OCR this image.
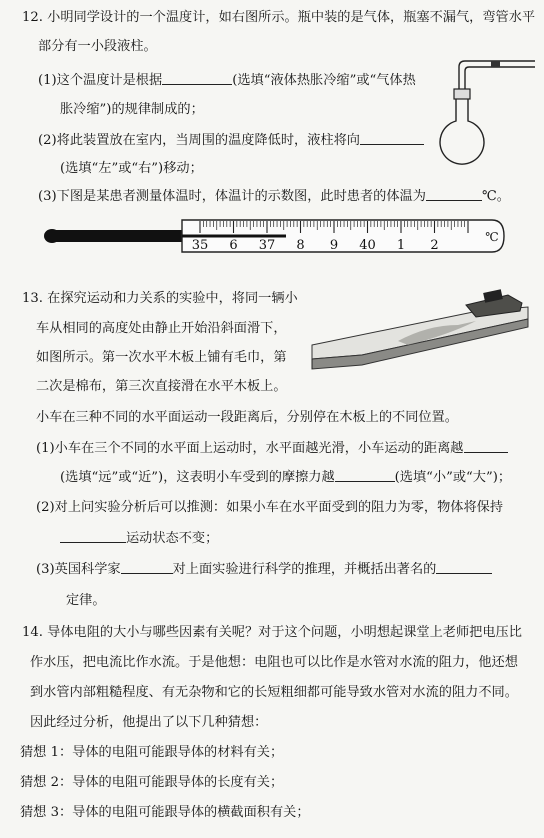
12. 小明同学设计的一个温度计，如右图所示。瓶中装的是气体，瓶塞不漏气，弯管水平
部分有一小段液柱。
(1)这个温度计是根据	(选填“液体热胀冷缩”或“气体热
胀冷缩”)的规律制成的；
(2)将此装置放在室内，当周围的温度降低时，液柱将向
(选填“左”或“右”)移动；
(3)下图是某患者测量体温时，体温计的示数图，此时患者的体温为	℃。
35 6 37 8 9 40 1 2
℃
13. 在探究运动和力关系的实验中，将同一辆小
车从相同的高度处由静止开始沿斜面滑下，
如图所示。第一次水平木板上铺有毛巾，第
二次是棉布，第三次直接滑在水平木板上。
小车在三种不同的水平面运动一段距离后，分别停在木板上的不同位置。
(1)小车在三个不同的水平面上运动时，水平面越光滑，小车运动的距离越
(选填“远”或“近”)，这表明小车受到的摩擦力越	(选填“小”或“大”)；
(2)对上问实验分析后可以推测：如果小车在水平面受到的阻力为零，物体将保持
运动状态不变；
(3)英国科学家	对上面实验进行科学的推理，并概括出著名的
定律。
14. 导体电阻的大小与哪些因素有关呢？对于这个问题，小明想起课堂上老师把电压比
作水压，把电流比作水流。于是他想：电阻也可以比作是水管对水流的阻力，他还想
到水管内部粗糙程度、有无杂物和它的长短粗细都可能导致水管对水流的阻力不同。
因此经过分析，他提出了以下几种猜想：
猜想 1：导体的电阻可能跟导体的材料有关；
猜想 2：导体的电阻可能跟导体的长度有关；
猜想 3：导体的电阻可能跟导体的横截面积有关；
